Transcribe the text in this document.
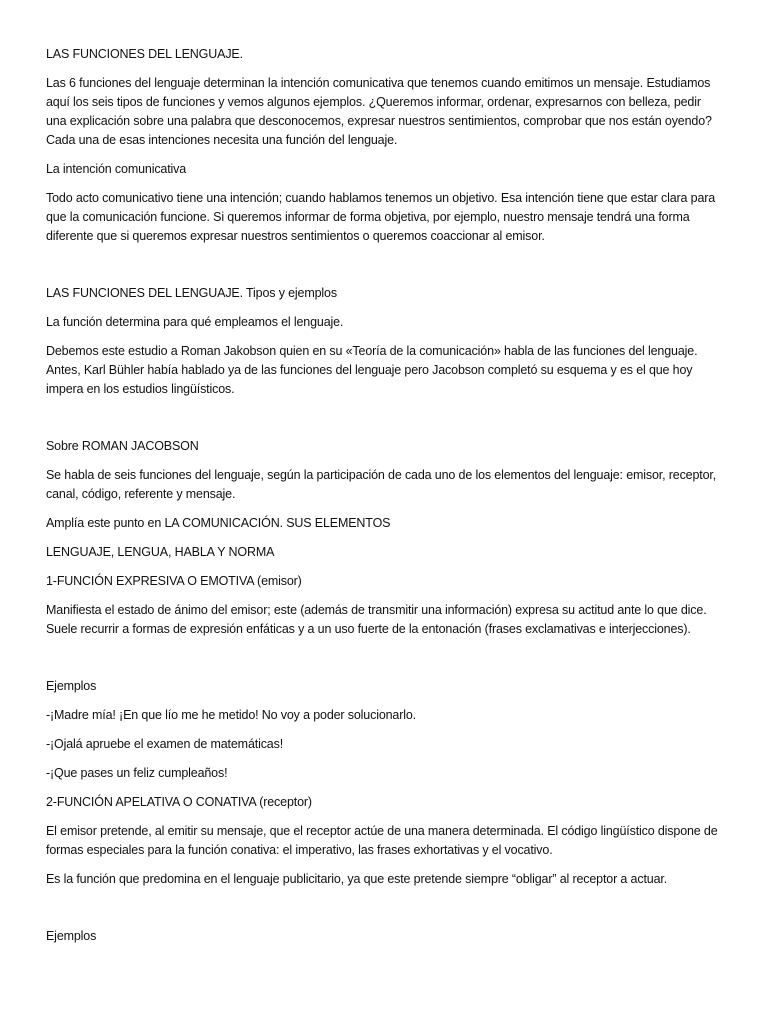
LAS FUNCIONES DEL LENGUAJE.

Las 6 funciones del lenguaje determinan la intención comunicativa que tenemos cuando emitimos un mensaje. Estudiamos aquí los seis tipos de funciones y vemos algunos ejemplos. ¿Queremos informar, ordenar, expresarnos con belleza, pedir una explicación sobre una palabra que desconocemos, expresar nuestros sentimientos, comprobar que nos están oyendo? Cada una de esas intenciones necesita una función del lenguaje.

La intención comunicativa

Todo acto comunicativo tiene una intención; cuando hablamos tenemos un objetivo. Esa intención tiene que estar clara para que la comunicación funcione. Si queremos informar de forma objetiva, por ejemplo, nuestro mensaje tendrá una forma diferente que si queremos expresar nuestros sentimientos o queremos coaccionar al emisor.

LAS FUNCIONES DEL LENGUAJE. Tipos y ejemplos

La función determina para qué empleamos el lenguaje.

Debemos este estudio a Roman Jakobson quien en su «Teoría de la comunicación» habla de las funciones del lenguaje. Antes, Karl Bühler había hablado ya de las funciones del lenguaje pero Jacobson completó su esquema y es el que hoy impera en los estudios lingüísticos.

Sobre ROMAN JACOBSON

Se habla de seis funciones del lenguaje, según la participación de cada uno de los elementos del lenguaje: emisor, receptor, canal, código, referente y mensaje.

Amplía este punto en LA COMUNICACIÓN. SUS ELEMENTOS

LENGUAJE, LENGUA, HABLA Y NORMA

1-FUNCIÓN EXPRESIVA O EMOTIVA (emisor)

Manifiesta el estado de ánimo del emisor; este (además de transmitir una información) expresa su actitud ante lo que dice. Suele recurrir a formas de expresión enfáticas y a un uso fuerte de la entonación (frases exclamativas e interjecciones).

Ejemplos

-¡Madre mía! ¡En que lío me he metido! No voy a poder solucionarlo.

-¡Ojalá apruebe el examen de matemáticas!

-¡Que pases un feliz cumpleaños!

2-FUNCIÓN APELATIVA O CONATIVA (receptor)

El emisor pretende, al emitir su mensaje, que el receptor actúe de una manera determinada. El código lingüístico dispone de formas especiales para la función conativa: el imperativo, las frases exhortativas y el vocativo.

Es la función que predomina en el lenguaje publicitario, ya que este pretende siempre “obligar” al receptor a actuar.

Ejemplos
